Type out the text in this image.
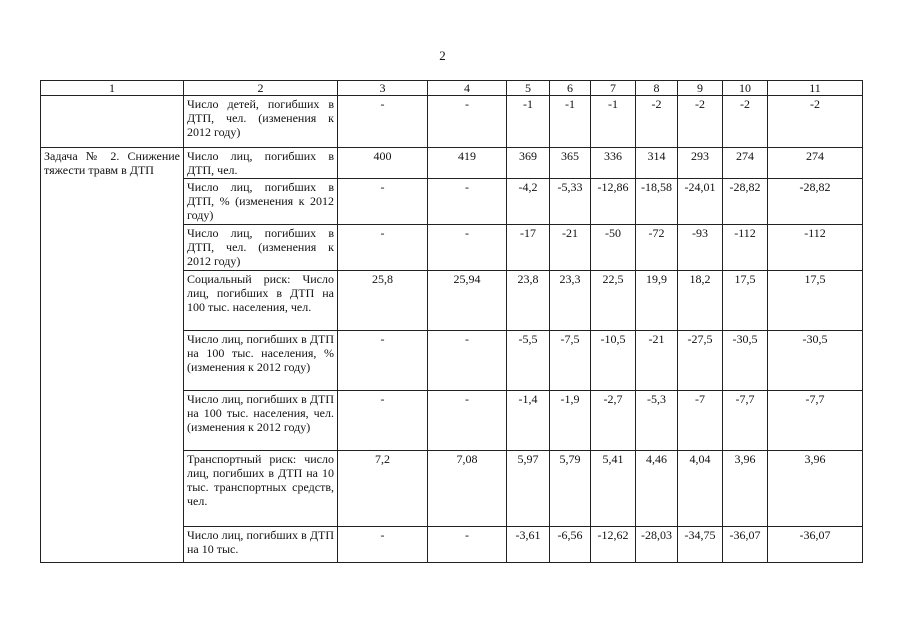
2
1	2	3	4	5	6	7	8	9	10	11
	Число детей, погибших в ДТП, чел. (изменения к 2012 году)	-	-	-1	-1	-1	-2	-2	-2	-2
Задача № 2. Снижение тяжести травм в ДТП	Число лиц, погибших в ДТП, чел.	400	419	369	365	336	314	293	274	274
	Число лиц, погибших в ДТП, % (изменения к 2012 году)	-	-	-4,2	-5,33	-12,86	-18,58	-24,01	-28,82	-28,82
	Число лиц, погибших в ДТП, чел. (изменения к 2012 году)	-	-	-17	-21	-50	-72	-93	-112	-112
	Социальный риск: Число лиц, погибших в ДТП на 100 тыс. населения, чел.	25,8	25,94	23,8	23,3	22,5	19,9	18,2	17,5	17,5
	Число лиц, погибших в ДТП на 100 тыс. населения, % (изменения к 2012 году)	-	-	-5,5	-7,5	-10,5	-21	-27,5	-30,5	-30,5
	Число лиц, погибших в ДТП на 100 тыс. населения, чел. (изменения к 2012 году)	-	-	-1,4	-1,9	-2,7	-5,3	-7	-7,7	-7,7
	Транспортный риск: число лиц, погибших в ДТП на 10 тыс. транспортных средств, чел.	7,2	7,08	5,97	5,79	5,41	4,46	4,04	3,96	3,96
	Число лиц, погибших в ДТП на 10 тыс.	-	-	-3,61	-6,56	-12,62	-28,03	-34,75	-36,07	-36,07
